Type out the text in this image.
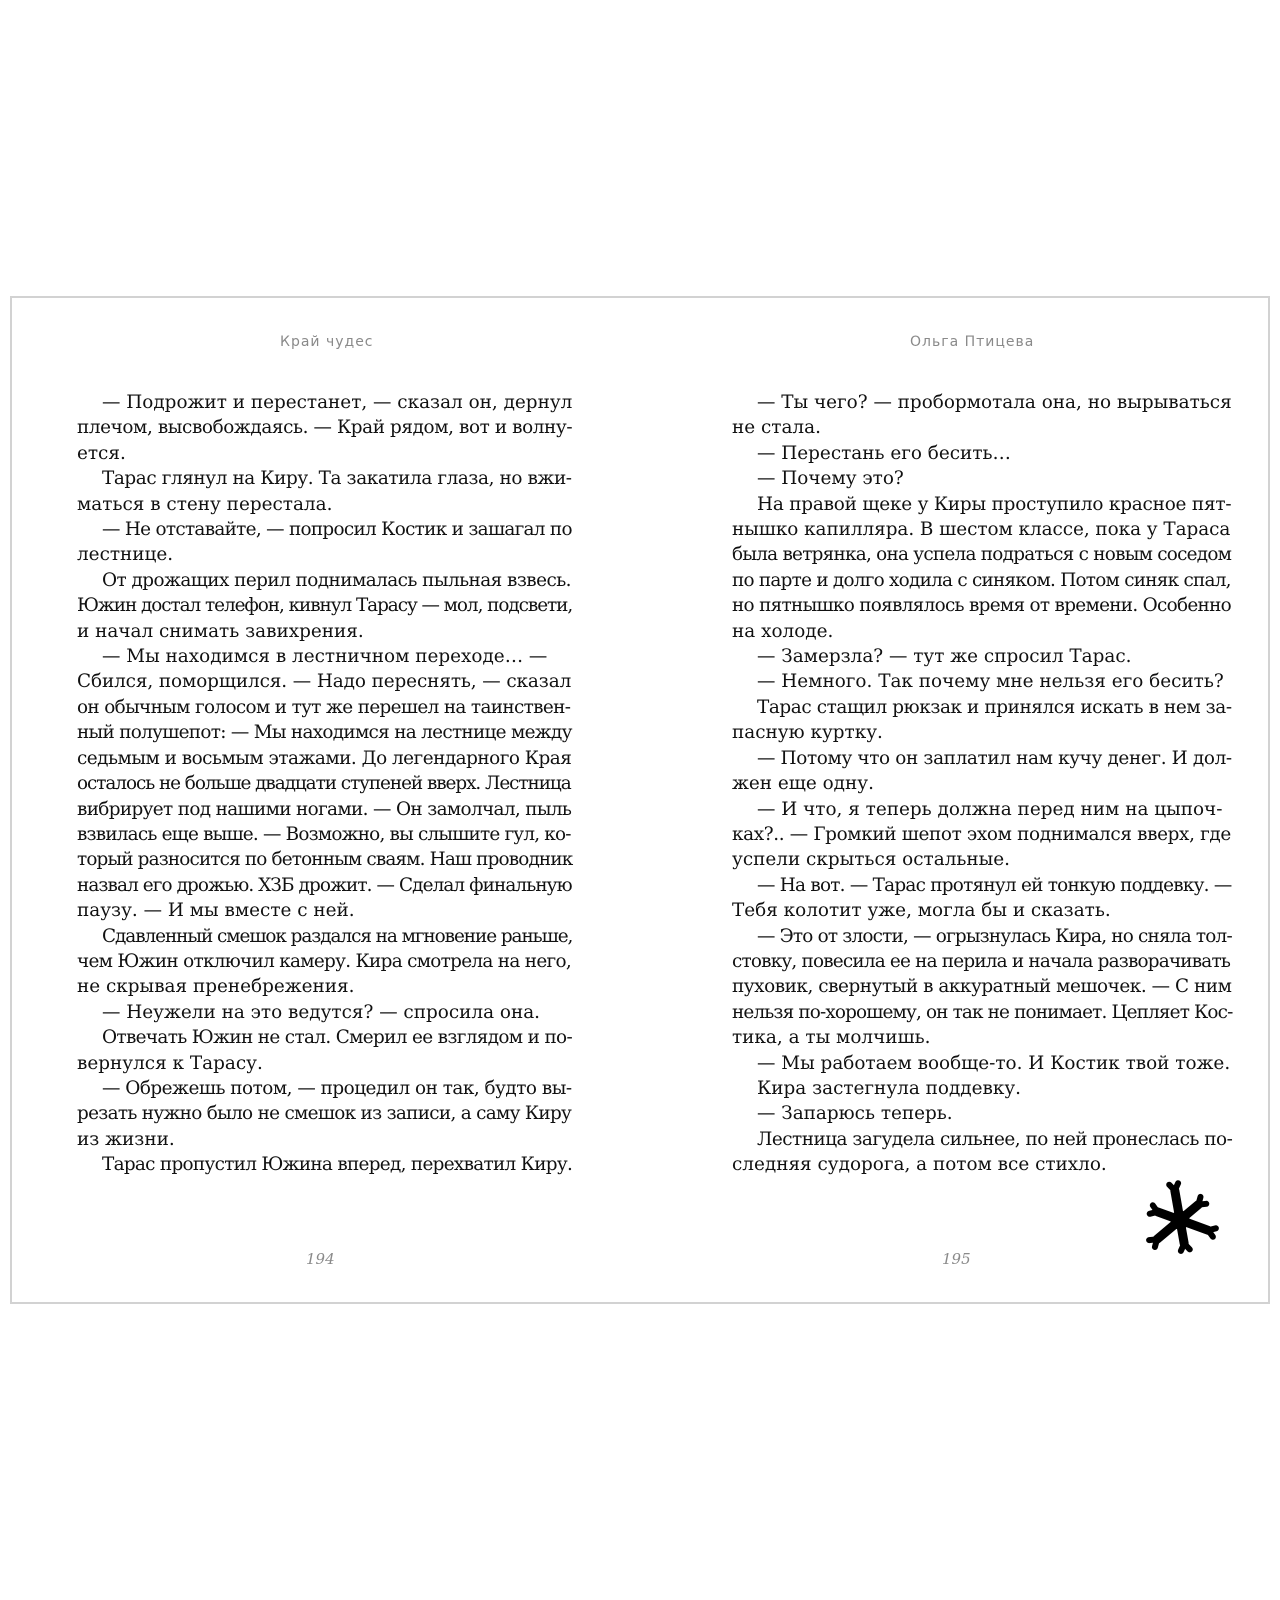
Край чудес
— Подрожит и перестанет, — сказал он, дернул
плечом, высвобождаясь. — Край рядом, вот и волну-
ется.
Тарас глянул на Киру. Та закатила глаза, но вжи-
маться в стену перестала.
— Не отставайте, — попросил Костик и зашагал по
лестнице.
От дрожащих перил поднималась пыльная взвесь.
Южин достал телефон, кивнул Тарасу — мол, подсвети,
и начал снимать завихрения.
— Мы находимся в лестничном переходе… —
Сбился, поморщился. — Надо переснять, — сказал
он обычным голосом и тут же перешел на таинствен-
ный полушепот: — Мы находимся на лестнице между
седьмым и восьмым этажами. До легендарного Края
осталось не больше двадцати ступеней вверх. Лестница
вибрирует под нашими ногами. — Он замолчал, пыль
взвилась еще выше. — Возможно, вы слышите гул, ко-
торый разносится по бетонным сваям. Наш проводник
назвал его дрожью. ХЗБ дрожит. — Сделал финальную
паузу. — И мы вместе с ней.
Сдавленный смешок раздался на мгновение раньше,
чем Южин отключил камеру. Кира смотрела на него,
не скрывая пренебрежения.
— Неужели на это ведутся? — спросила она.
Отвечать Южин не стал. Смерил ее взглядом и по-
вернулся к Тарасу.
— Обрежешь потом, — процедил он так, будто вы-
резать нужно было не смешок из записи, а саму Киру
из жизни.
Тарас пропустил Южина вперед, перехватил Киру.
194
Ольга Птицева
— Ты чего? — пробормотала она, но вырываться
не стала.
— Перестань его бесить…
— Почему это?
На правой щеке у Киры проступило красное пят-
нышко капилляра. В шестом классе, пока у Тараса
была ветрянка, она успела подраться с новым соседом
по парте и долго ходила с синяком. Потом синяк спал,
но пятнышко появлялось время от времени. Особенно
на холоде.
— Замерзла? — тут же спросил Тарас.
— Немного. Так почему мне нельзя его бесить?
Тарас стащил рюкзак и принялся искать в нем за-
пасную куртку.
— Потому что он заплатил нам кучу денег. И дол-
жен еще одну.
— И что, я теперь должна перед ним на цыпоч-
ках?.. — Громкий шепот эхом поднимался вверх, где
успели скрыться остальные.
— На вот. — Тарас протянул ей тонкую поддевку. —
Тебя колотит уже, могла бы и сказать.
— Это от злости, — огрызнулась Кира, но сняла тол-
стовку, повесила ее на перила и начала разворачивать
пуховик, свернутый в аккуратный мешочек. — С ним
нельзя по-хорошему, он так не понимает. Цепляет Кос-
тика, а ты молчишь.
— Мы работаем вообще-то. И Костик твой тоже.
Кира застегнула поддевку.
— Запарюсь теперь.
Лестница загудела сильнее, по ней пронеслась по-
следняя судорога, а потом все стихло.
195
